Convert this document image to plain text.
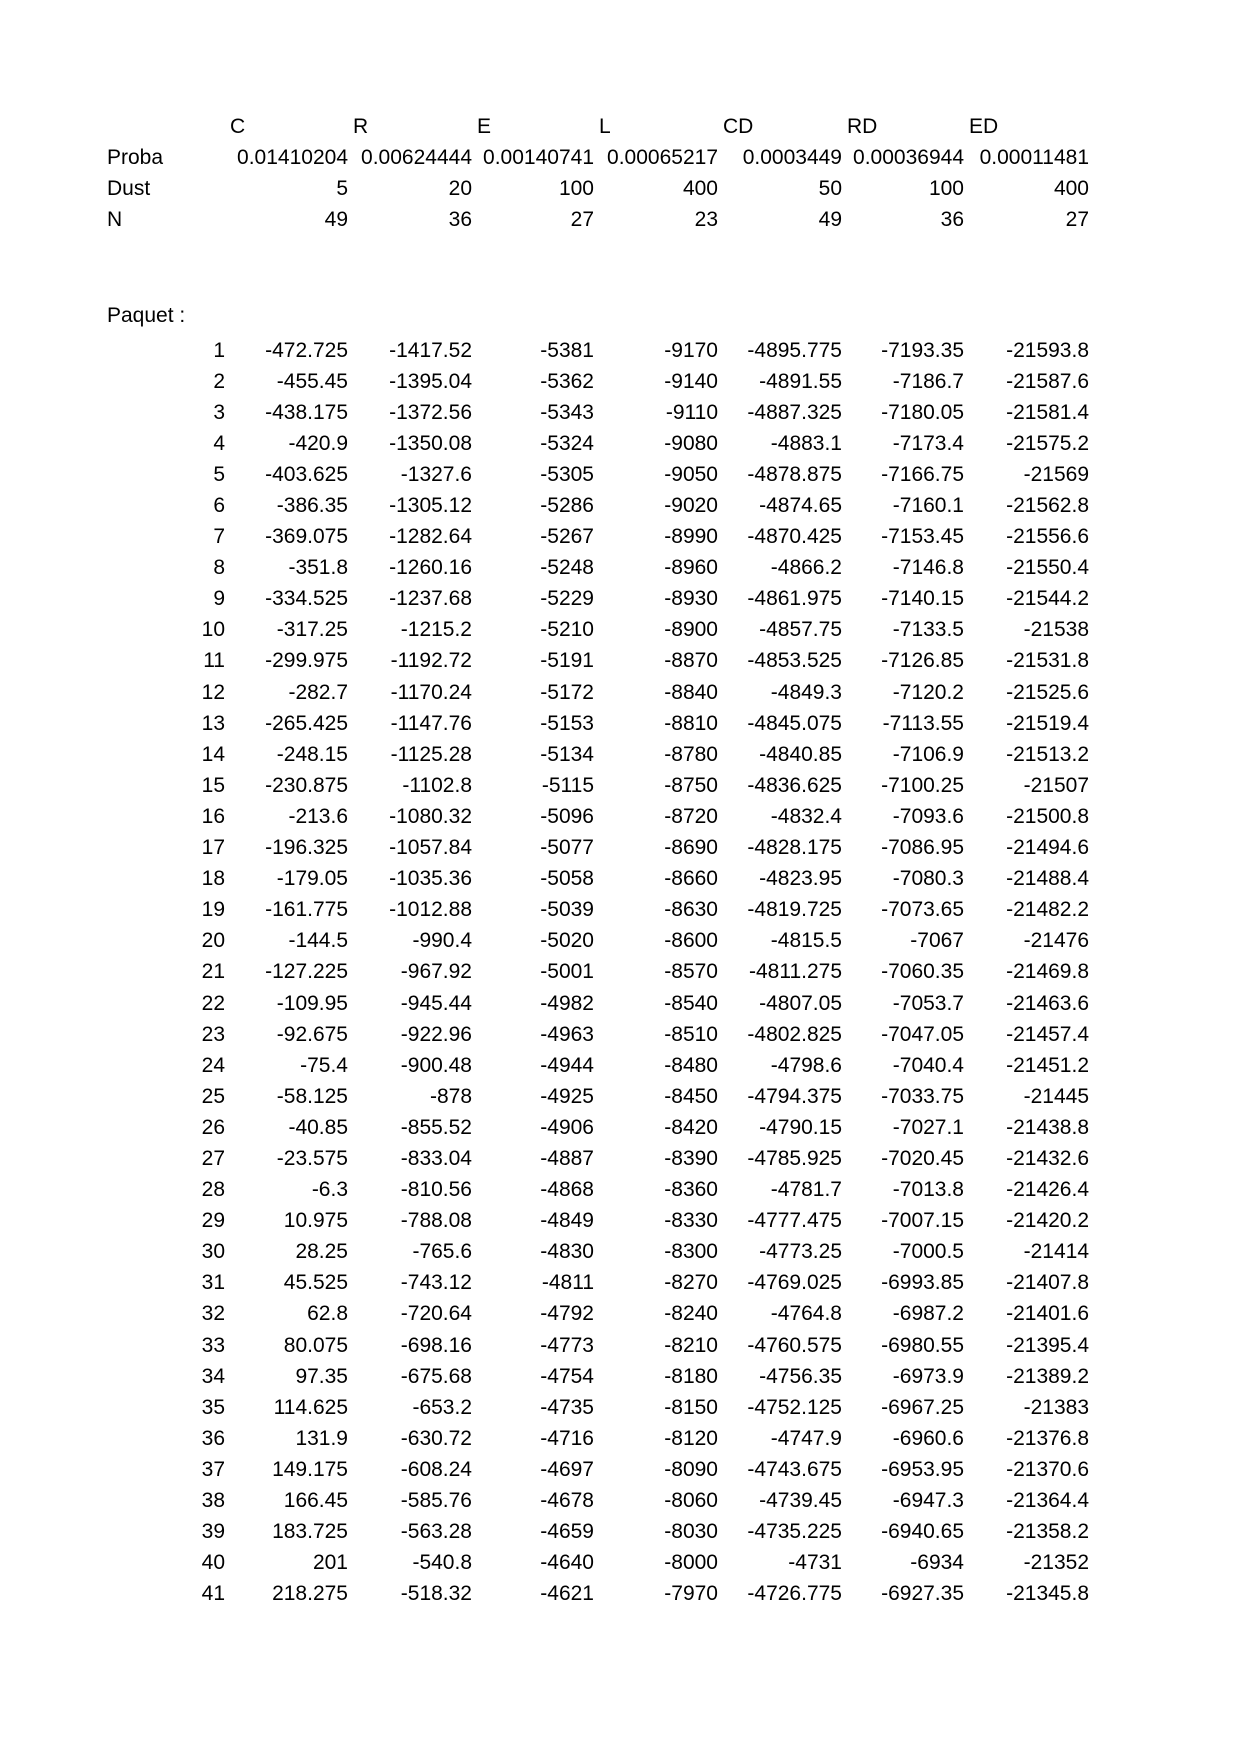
C	R	E	L	CD	RD	ED
Proba	0.01410204 0.00624444 0.00140741 0.00065217	0.0003449 0.00036944 0.00011481
Dust	5	20	100	400	50	100	400
N	49	36	27	23	49	36	27
Paquet :
1	-472.725	-1417.52	-5381	-9170	-4895.775	-7193.35	-21593.8
2	-455.45	-1395.04	-5362	-9140	-4891.55	-7186.7	-21587.6
3	-438.175	-1372.56	-5343	-9110	-4887.325	-7180.05	-21581.4
4	-420.9	-1350.08	-5324	-9080	-4883.1	-7173.4	-21575.2
5	-403.625	-1327.6	-5305	-9050	-4878.875	-7166.75	-21569
6	-386.35	-1305.12	-5286	-9020	-4874.65	-7160.1	-21562.8
7	-369.075	-1282.64	-5267	-8990	-4870.425	-7153.45	-21556.6
8	-351.8	-1260.16	-5248	-8960	-4866.2	-7146.8	-21550.4
9	-334.525	-1237.68	-5229	-8930	-4861.975	-7140.15	-21544.2
10	-317.25	-1215.2	-5210	-8900	-4857.75	-7133.5	-21538
11	-299.975	-1192.72	-5191	-8870	-4853.525	-7126.85	-21531.8
12	-282.7	-1170.24	-5172	-8840	-4849.3	-7120.2	-21525.6
13	-265.425	-1147.76	-5153	-8810	-4845.075	-7113.55	-21519.4
14	-248.15	-1125.28	-5134	-8780	-4840.85	-7106.9	-21513.2
15	-230.875	-1102.8	-5115	-8750	-4836.625	-7100.25	-21507
16	-213.6	-1080.32	-5096	-8720	-4832.4	-7093.6	-21500.8
17	-196.325	-1057.84	-5077	-8690	-4828.175	-7086.95	-21494.6
18	-179.05	-1035.36	-5058	-8660	-4823.95	-7080.3	-21488.4
19	-161.775	-1012.88	-5039	-8630	-4819.725	-7073.65	-21482.2
20	-144.5	-990.4	-5020	-8600	-4815.5	-7067	-21476
21	-127.225	-967.92	-5001	-8570	-4811.275	-7060.35	-21469.8
22	-109.95	-945.44	-4982	-8540	-4807.05	-7053.7	-21463.6
23	-92.675	-922.96	-4963	-8510	-4802.825	-7047.05	-21457.4
24	-75.4	-900.48	-4944	-8480	-4798.6	-7040.4	-21451.2
25	-58.125	-878	-4925	-8450	-4794.375	-7033.75	-21445
26	-40.85	-855.52	-4906	-8420	-4790.15	-7027.1	-21438.8
27	-23.575	-833.04	-4887	-8390	-4785.925	-7020.45	-21432.6
28	-6.3	-810.56	-4868	-8360	-4781.7	-7013.8	-21426.4
29	10.975	-788.08	-4849	-8330	-4777.475	-7007.15	-21420.2
30	28.25	-765.6	-4830	-8300	-4773.25	-7000.5	-21414
31	45.525	-743.12	-4811	-8270	-4769.025	-6993.85	-21407.8
32	62.8	-720.64	-4792	-8240	-4764.8	-6987.2	-21401.6
33	80.075	-698.16	-4773	-8210	-4760.575	-6980.55	-21395.4
34	97.35	-675.68	-4754	-8180	-4756.35	-6973.9	-21389.2
35	114.625	-653.2	-4735	-8150	-4752.125	-6967.25	-21383
36	131.9	-630.72	-4716	-8120	-4747.9	-6960.6	-21376.8
37	149.175	-608.24	-4697	-8090	-4743.675	-6953.95	-21370.6
38	166.45	-585.76	-4678	-8060	-4739.45	-6947.3	-21364.4
39	183.725	-563.28	-4659	-8030	-4735.225	-6940.65	-21358.2
40	201	-540.8	-4640	-8000	-4731	-6934	-21352
41	218.275	-518.32	-4621	-7970	-4726.775	-6927.35	-21345.8
